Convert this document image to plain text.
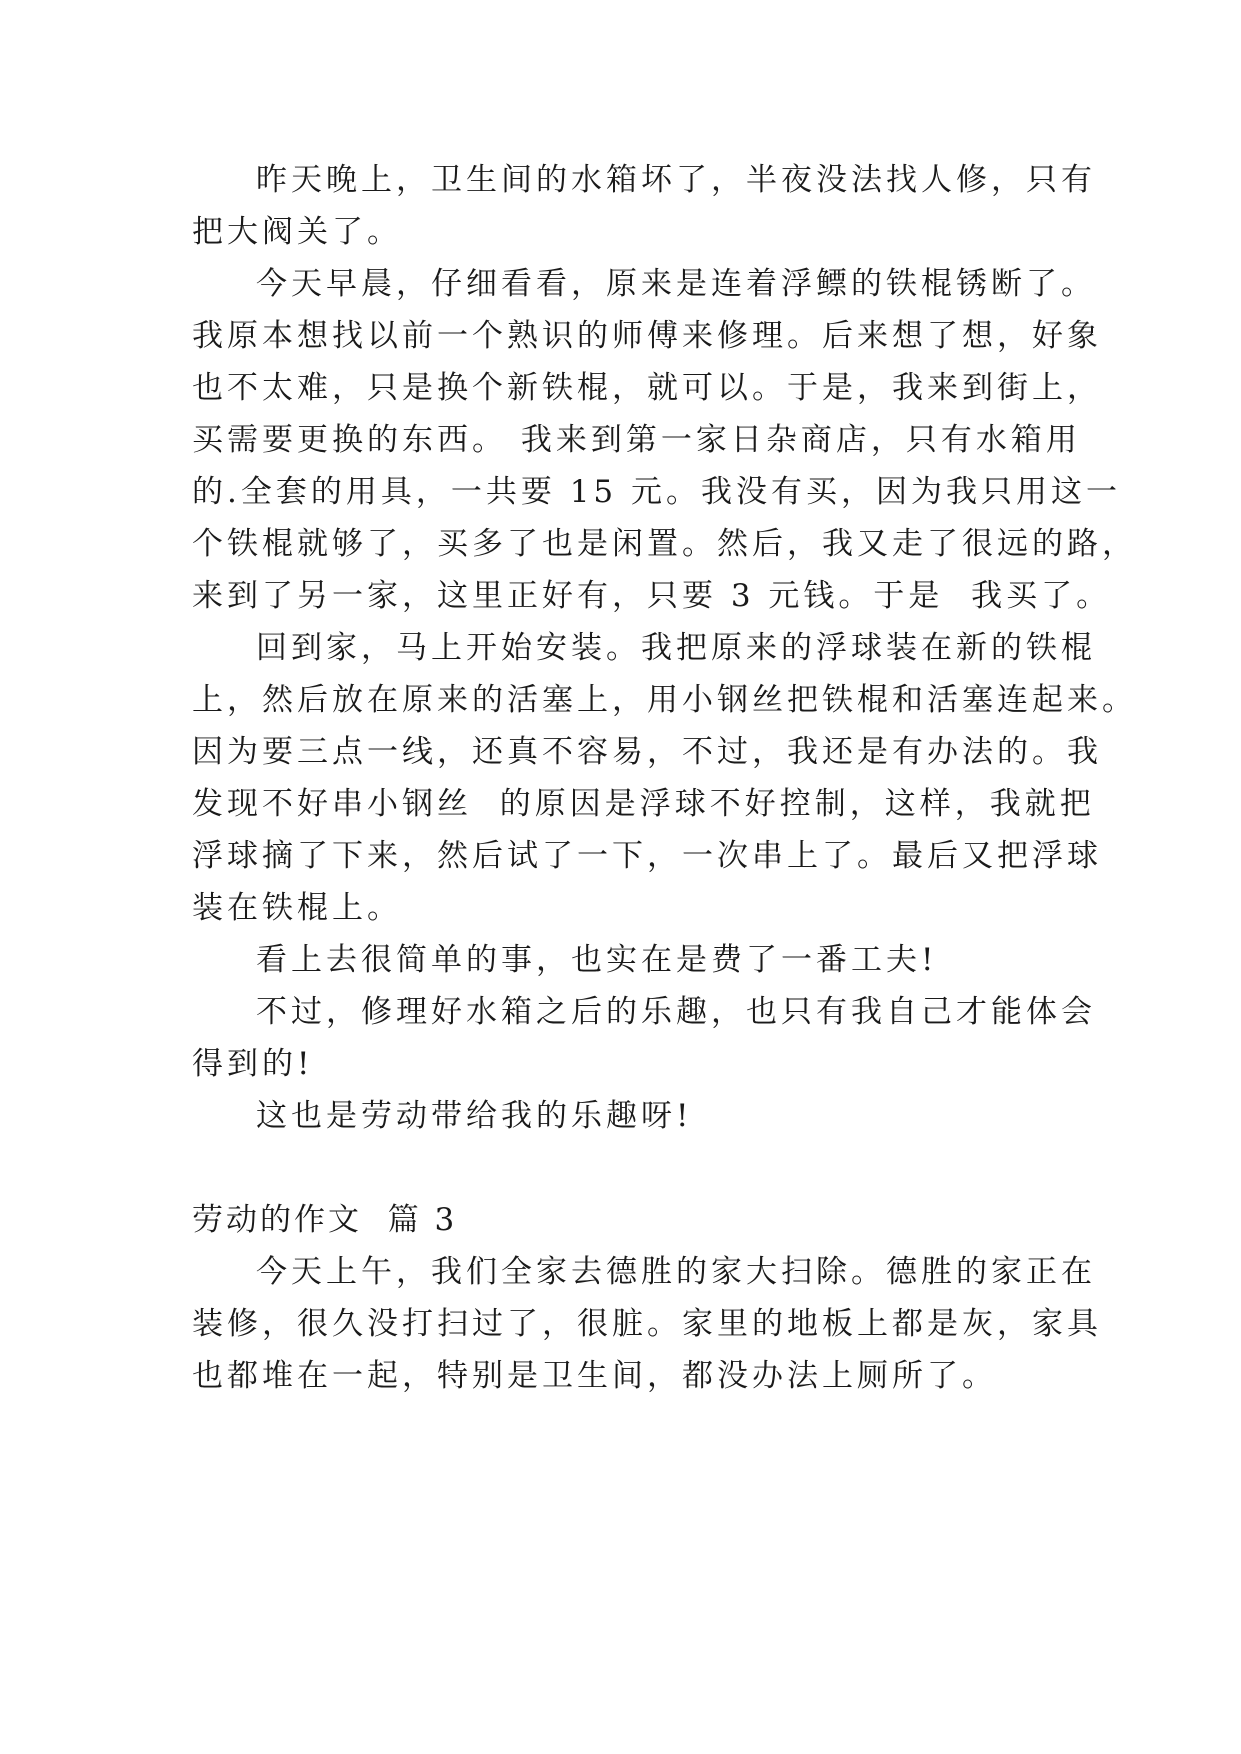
昨天晚上，卫生间的水箱坏了，半夜没法找人修，只有
把大阀关了。
今天早晨，仔细看看，原来是连着浮鳔的铁棍锈断了。
我原本想找以前一个熟识的师傅来修理。后来想了想，好象
也不太难，只是换个新铁棍，就可以。于是，我来到街上，
买需要更换的东西。 我来到第一家日杂商店，只有水箱用
的.全套的用具，一共要 15 元。我没有买，因为我只用这一
个铁棍就够了，买多了也是闲置。然后，我又走了很远的路，
来到了另一家，这里正好有，只要 3 元钱。于是  我买了。
回到家，马上开始安装。我把原来的浮球装在新的铁棍
上，然后放在原来的活塞上，用小钢丝把铁棍和活塞连起来。
因为要三点一线，还真不容易，不过，我还是有办法的。我
发现不好串小钢丝  的原因是浮球不好控制，这样，我就把
浮球摘了下来，然后试了一下，一次串上了。最后又把浮球
装在铁棍上。
看上去很简单的事，也实在是费了一番工夫!
不过，修理好水箱之后的乐趣，也只有我自己才能体会
得到的!
这也是劳动带给我的乐趣呀!
劳动的作文  篇 3
今天上午，我们全家去德胜的家大扫除。德胜的家正在
装修，很久没打扫过了，很脏。家里的地板上都是灰，家具
也都堆在一起，特别是卫生间，都没办法上厕所了。
